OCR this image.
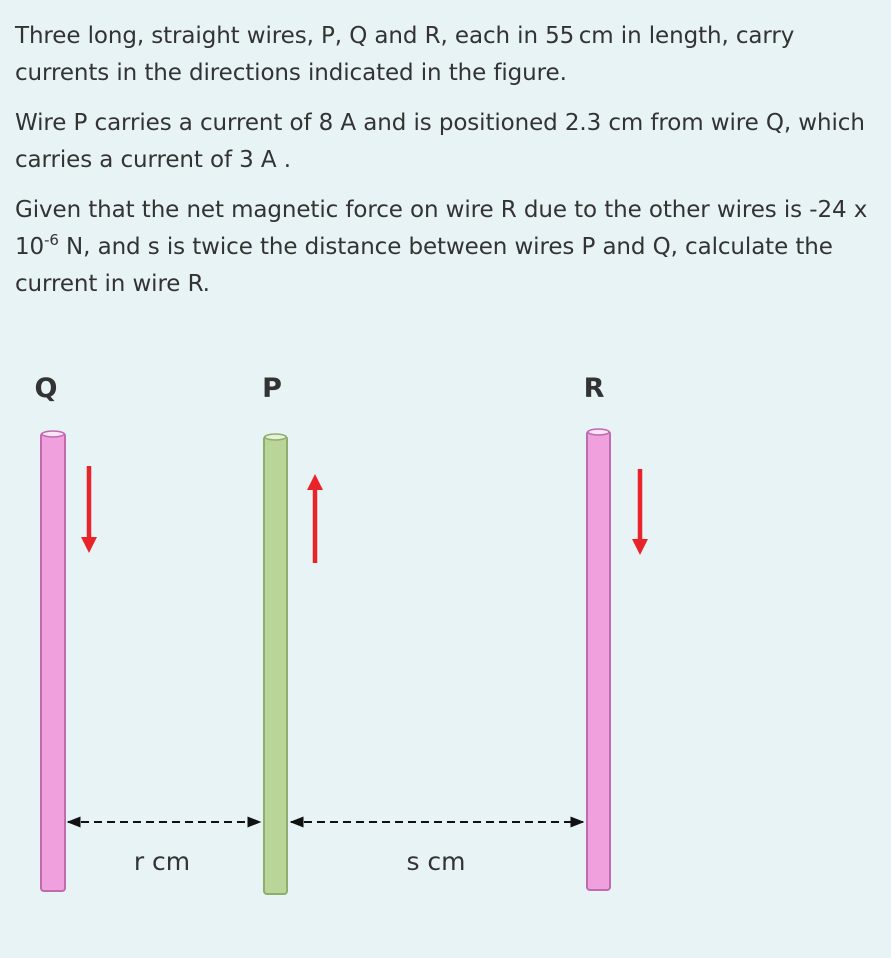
Three long, straight wires, P, Q and R, each in 55 cm in length, carry currents in the directions indicated in the figure.

Wire P carries a current of 8 A and is positioned 2.3 cm from wire Q, which carries a current of 3 A .

Given that the net magnetic force on wire R due to the other wires is -24 x $10^{-6}$ N, and s is twice the distance between wires P and Q, calculate the current in wire R.

Q	P	R
r cm	s cm
